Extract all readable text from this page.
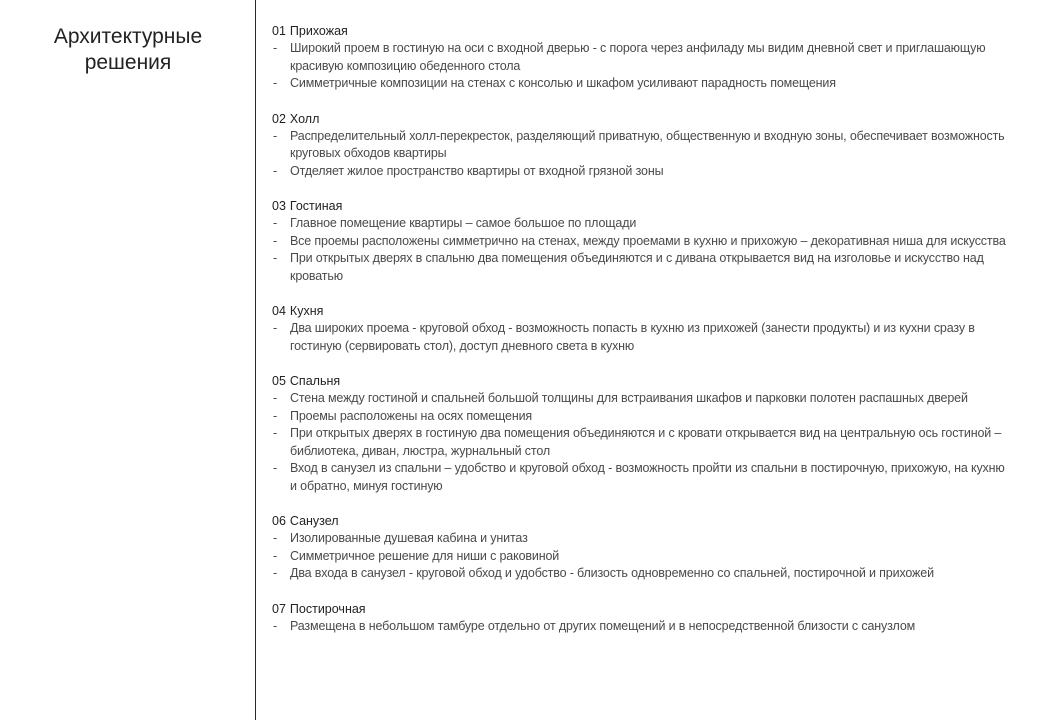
Архитектурные
решения
01 Прихожая
- Широкий проем в гостиную на оси с входной дверью - с порога через анфиладу мы видим дневной свет и приглашающую красивую композицию обеденного стола
- Симметричные композиции на стенах с консолью и шкафом усиливают парадность помещения
02 Холл
- Распределительный холл-перекресток, разделяющий приватную, общественную и входную зоны, обеспечивает возможность круговых обходов квартиры
- Отделяет жилое пространство квартиры от входной грязной зоны
03 Гостиная
- Главное помещение квартиры – самое большое по площади
- Все проемы расположены симметрично на стенах, между проемами в кухню и прихожую – декоративная ниша для искусства
- При открытых дверях в спальню два помещения объединяются и с дивана открывается вид на изголовье и искусство над кроватью
04 Кухня
- Два широких проема - круговой обход - возможность попасть в кухню из прихожей (занести продукты) и из кухни сразу в гостиную (сервировать стол), доступ дневного света в кухню
05 Спальня
- Стена между гостиной и спальней большой толщины для встраивания шкафов и парковки полотен распашных дверей
- Проемы расположены на осях помещения
- При открытых дверях в гостиную два помещения объединяются и с кровати открывается вид на центральную ось гостиной – библиотека, диван, люстра, журнальный стол
- Вход в санузел из спальни – удобство и круговой обход - возможность пройти из спальни в постирочную, прихожую, на кухню и обратно, минуя гостиную
06 Санузел
- Изолированные душевая кабина и унитаз
- Симметричное решение для ниши с раковиной
- Два входа в санузел - круговой обход и удобство - близость одновременно со спальней, постирочной и прихожей
07 Постирочная
- Размещена в небольшом тамбуре отдельно от других помещений и в непосредственной близости с санузлом
